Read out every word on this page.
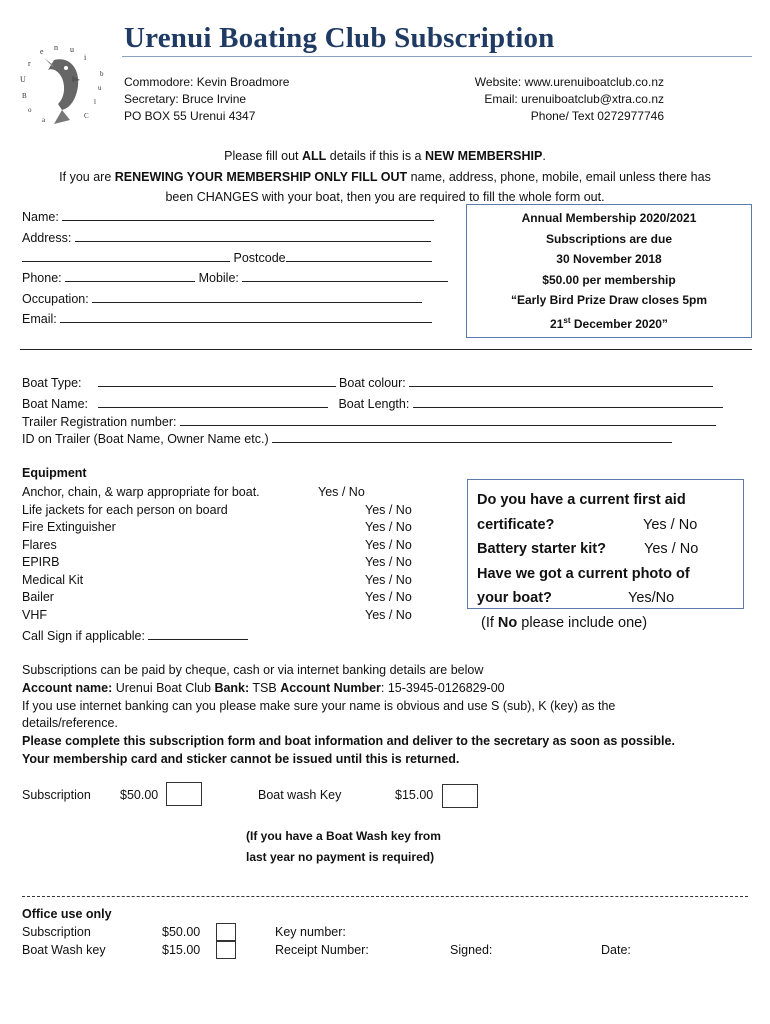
U
r
e n u
i
B
o
a	C
l
u
b
Urenui Boating Club Subscription
Commodore: Kevin Broadmore
Secretary: Bruce Irvine
PO BOX 55 Urenui 4347
Website: www.urenuiboatclub.co.nz
Email: urenuiboatclub@xtra.co.nz
Phone/ Text 0272977746
Please fill out ALL details if this is a NEW MEMBERSHIP.
If you are RENEWING YOUR MEMBERSHIP ONLY FILL OUT name, address, phone, mobile, email unless there has
been CHANGES with your boat, then you are required to fill the whole form out.
Name:
Address:
Postcode
Phone:	Mobile:
Occupation:
Email:
Annual Membership 2020/2021
Subscriptions are due
30 November 2018
$50.00 per membership
“Early Bird Prize Draw closes 5pm
21st December 2020”
Boat Type:	Boat colour:
Boat Name:	Boat Length:
Trailer Registration number:
ID on Trailer (Boat Name, Owner Name etc.)
Equipment
Anchor, chain, & warp appropriate for boat.	Yes / No
Life jackets for each person on board	Yes / No
Fire Extinguisher	Yes / No
Flares	Yes / No
EPIRB	Yes / No
Medical Kit	Yes / No
Bailer	Yes / No
VHF	Yes / No
Call Sign if applicable:
Do you have a current first aid
certificate?	Yes / No
Battery starter kit?	Yes / No
Have we got a current photo of
your boat?	Yes/No
(If No please include one)
Subscriptions can be paid by cheque, cash or via internet banking details are below
Account name: Urenui Boat Club Bank: TSB Account Number: 15-3945-0126829-00
If you use internet banking can you please make sure your name is obvious and use S (sub), K (key) as the
details/reference.
Please complete this subscription form and boat information and deliver to the secretary as soon as possible.
Your membership card and sticker cannot be issued until this is returned.
Subscription $50.00	Boat wash Key	$15.00
(If you have a Boat Wash key from
last year no payment is required)
Office use only
Subscription	$50.00
Boat Wash key	$15.00
Key number:
Receipt Number:	Signed:	Date:
